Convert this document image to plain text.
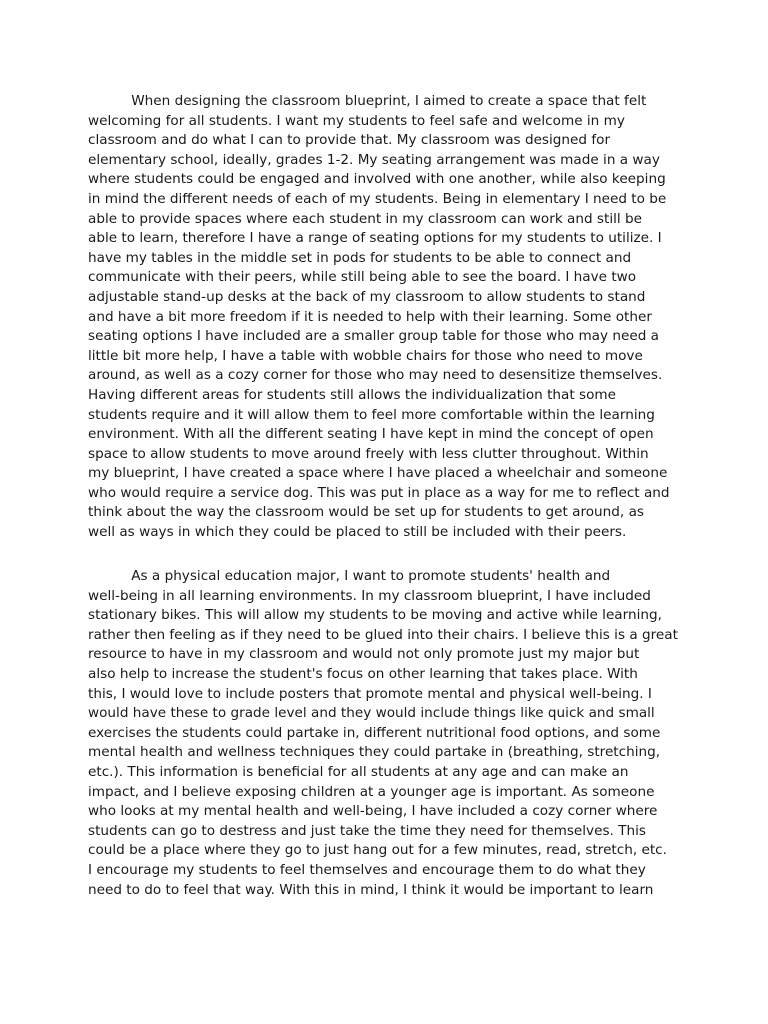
When designing the classroom blueprint, I aimed to create a space that felt
welcoming for all students. I want my students to feel safe and welcome in my
classroom and do what I can to provide that. My classroom was designed for
elementary school, ideally, grades 1-2. My seating arrangement was made in a way
where students could be engaged and involved with one another, while also keeping
in mind the different needs of each of my students. Being in elementary I need to be
able to provide spaces where each student in my classroom can work and still be
able to learn, therefore I have a range of seating options for my students to utilize. I
have my tables in the middle set in pods for students to be able to connect and
communicate with their peers, while still being able to see the board. I have two
adjustable stand-up desks at the back of my classroom to allow students to stand
and have a bit more freedom if it is needed to help with their learning. Some other
seating options I have included are a smaller group table for those who may need a
little bit more help, I have a table with wobble chairs for those who need to move
around, as well as a cozy corner for those who may need to desensitize themselves.
Having different areas for students still allows the individualization that some
students require and it will allow them to feel more comfortable within the learning
environment. With all the different seating I have kept in mind the concept of open
space to allow students to move around freely with less clutter throughout. Within
my blueprint, I have created a space where I have placed a wheelchair and someone
who would require a service dog. This was put in place as a way for me to reflect and
think about the way the classroom would be set up for students to get around, as
well as ways in which they could be placed to still be included with their peers.
As a physical education major, I want to promote students' health and
well-being in all learning environments. In my classroom blueprint, I have included
stationary bikes. This will allow my students to be moving and active while learning,
rather then feeling as if they need to be glued into their chairs. I believe this is a great
resource to have in my classroom and would not only promote just my major but
also help to increase the student's focus on other learning that takes place. With
this, I would love to include posters that promote mental and physical well-being. I
would have these to grade level and they would include things like quick and small
exercises the students could partake in, different nutritional food options, and some
mental health and wellness techniques they could partake in (breathing, stretching,
etc.). This information is beneficial for all students at any age and can make an
impact, and I believe exposing children at a younger age is important. As someone
who looks at my mental health and well-being, I have included a cozy corner where
students can go to destress and just take the time they need for themselves. This
could be a place where they go to just hang out for a few minutes, read, stretch, etc.
I encourage my students to feel themselves and encourage them to do what they
need to do to feel that way. With this in mind, I think it would be important to learn
